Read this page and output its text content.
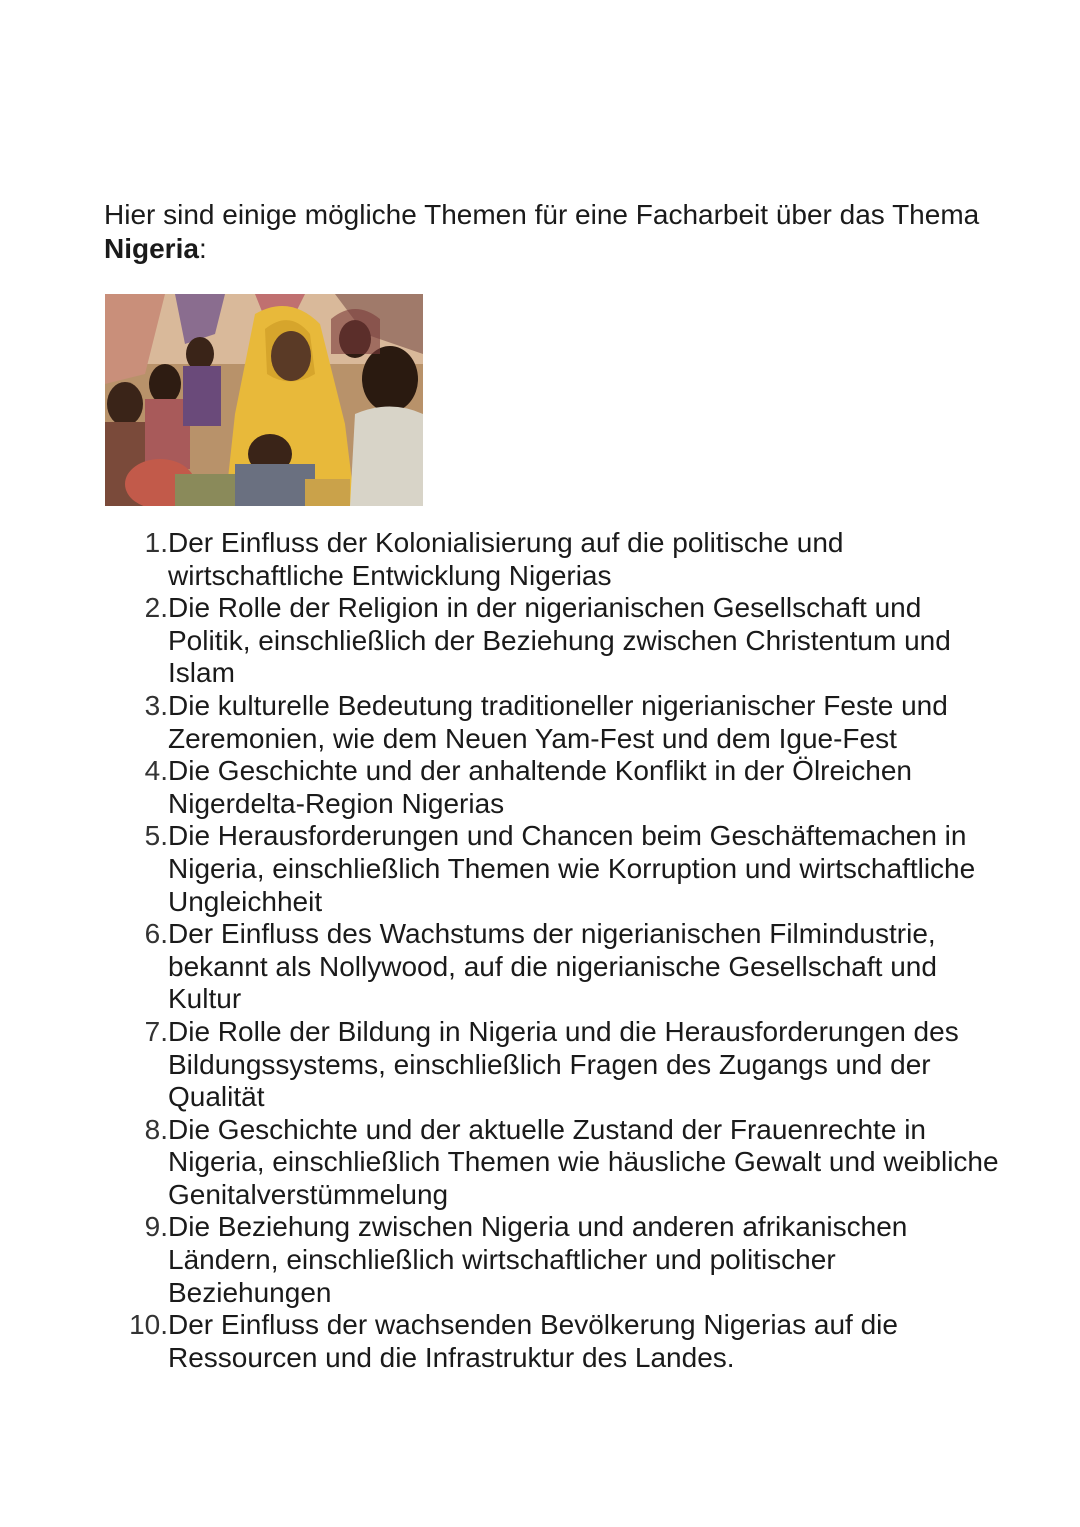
Hier sind einige mögliche Themen für eine Facharbeit über das Thema Nigeria:

1. Der Einfluss der Kolonialisierung auf die politische und wirtschaftliche Entwicklung Nigerias
2. Die Rolle der Religion in der nigerianischen Gesellschaft und Politik, einschließlich der Beziehung zwischen Christentum und Islam
3. Die kulturelle Bedeutung traditioneller nigerianischer Feste und Zeremonien, wie dem Neuen Yam-Fest und dem Igue-Fest
4. Die Geschichte und der anhaltende Konflikt in der Ölreichen Nigerdelta-Region Nigerias
5. Die Herausforderungen und Chancen beim Geschäftemachen in Nigeria, einschließlich Themen wie Korruption und wirtschaftliche Ungleichheit
6. Der Einfluss des Wachstums der nigerianischen Filmindustrie, bekannt als Nollywood, auf die nigerianische Gesellschaft und Kultur
7. Die Rolle der Bildung in Nigeria und die Herausforderungen des Bildungssystems, einschließlich Fragen des Zugangs und der Qualität
8. Die Geschichte und der aktuelle Zustand der Frauenrechte in Nigeria, einschließlich Themen wie häusliche Gewalt und weibliche Genitalverstümmelung
9. Die Beziehung zwischen Nigeria und anderen afrikanischen Ländern, einschließlich wirtschaftlicher und politischer Beziehungen
10. Der Einfluss der wachsenden Bevölkerung Nigerias auf die Ressourcen und die Infrastruktur des Landes.
